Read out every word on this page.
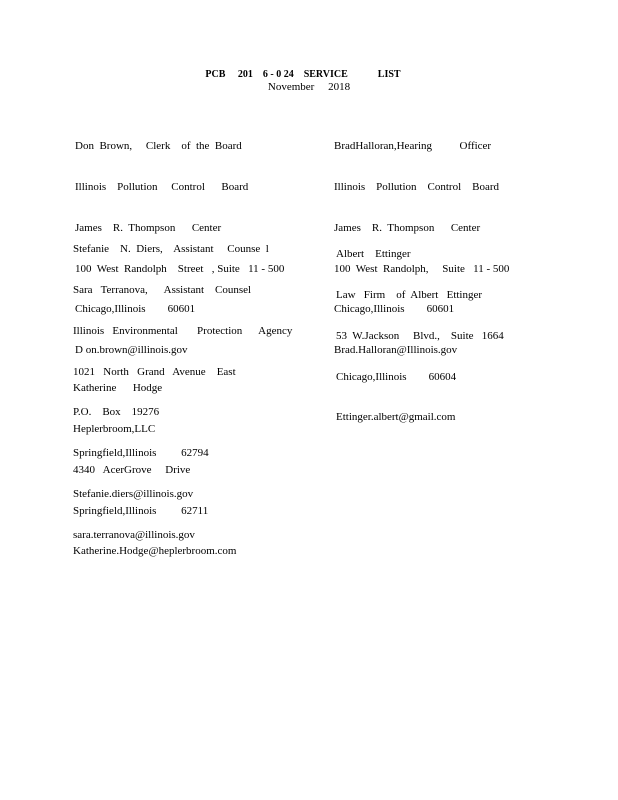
PCB     201    6 - 0 24    SERVICE            LIST
November     2018

Don  Brown,     Clerk    of  the  Board

Illinois    Pollution     Control      Board

James    R.  Thompson      Center

100  West  Randolph    Street   , Suite   11 - 500

Chicago,Illinois        60601

D on.brown@illinois.gov

BradHalloran,Hearing          Officer

Illinois    Pollution    Control    Board

James    R.  Thompson      Center

100  West  Randolph,     Suite   11 - 500

Chicago,Illinois        60601

Brad.Halloran@Illinois.gov

Stefanie    N.  Diers,    Assistant     Counse  l

Sara   Terranova,      Assistant    Counsel

Illinois   Environmental       Protection      Agency

1021   North   Grand   Avenue    East

P.O.    Box    19276

Springfield,Illinois         62794

Stefanie.diers@illinois.gov

sara.terranova@illinois.gov

Albert    Ettinger

Law   Firm    of  Albert   Ettinger

53  W.Jackson     Blvd.,    Suite   1664

Chicago,Illinois        60604

Ettinger.albert@gmail.com

Katherine      Hodge

Heplerbroom,LLC

4340   AcerGrove     Drive

Springfield,Illinois         62711

Katherine.Hodge@heplerbroom.com
